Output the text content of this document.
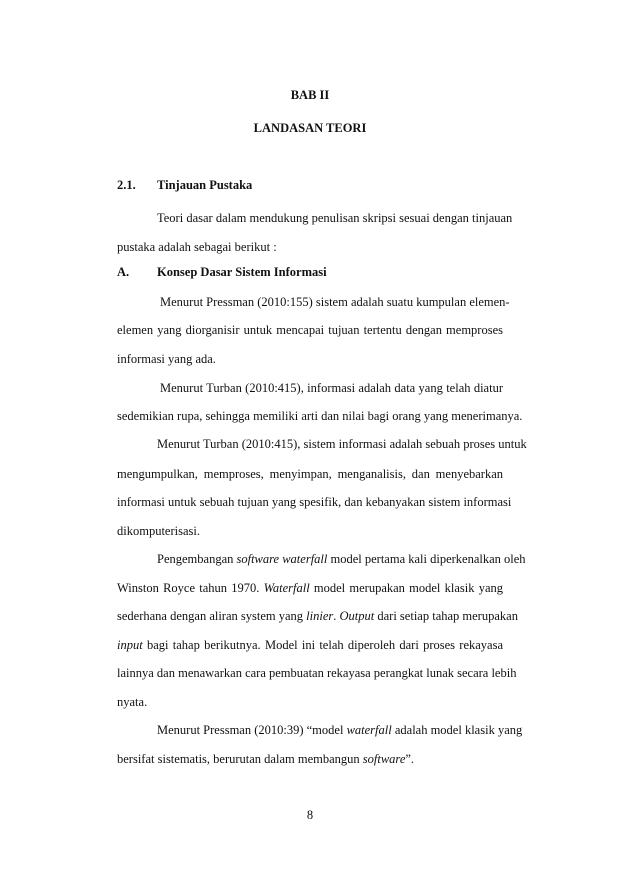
BAB II
LANDASAN TEORI
2.1. Tinjauan Pustaka
Teori dasar dalam mendukung penulisan skripsi sesuai dengan tinjauan
pustaka adalah sebagai berikut :
A. Konsep Dasar Sistem Informasi
Menurut Pressman (2010:155) sistem adalah suatu kumpulan elemen-
elemen yang diorganisir untuk mencapai tujuan tertentu dengan memproses
informasi yang ada.
Menurut Turban (2010:415), informasi adalah data yang telah diatur
sedemikian rupa, sehingga memiliki arti dan nilai bagi orang yang menerimanya.
Menurut Turban (2010:415), sistem informasi adalah sebuah proses untuk
mengumpulkan, memproses, menyimpan, menganalisis, dan menyebarkan
informasi untuk sebuah tujuan yang spesifik, dan kebanyakan sistem informasi
dikomputerisasi.
Pengembangan software waterfall model pertama kali diperkenalkan oleh
Winston Royce tahun 1970. Waterfall model merupakan model klasik yang
sederhana dengan aliran system yang linier. Output dari setiap tahap merupakan
input bagi tahap berikutnya. Model ini telah diperoleh dari proses rekayasa
lainnya dan menawarkan cara pembuatan rekayasa perangkat lunak secara lebih
nyata.
Menurut Pressman (2010:39) “model waterfall adalah model klasik yang
bersifat sistematis, berurutan dalam membangun software”.
8
